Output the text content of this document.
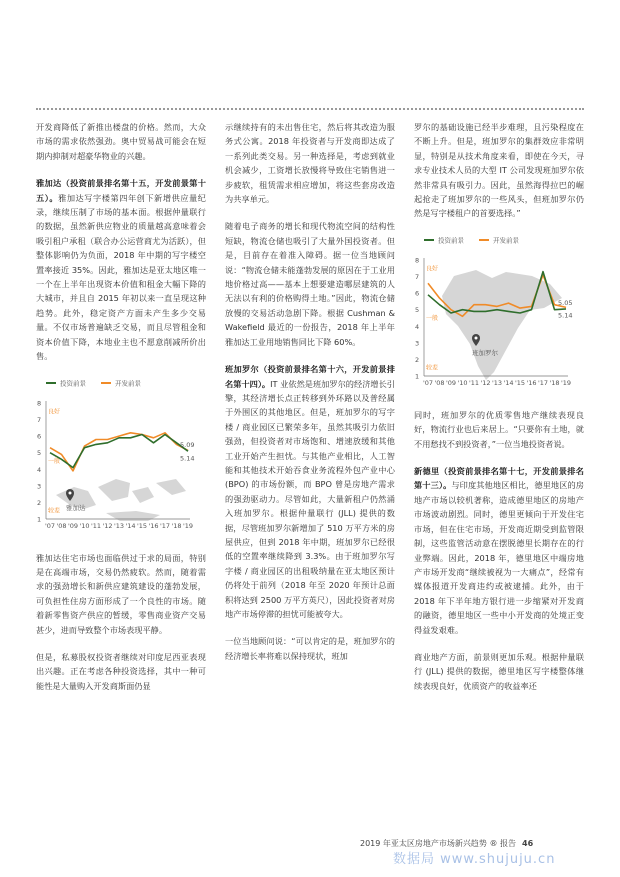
开发商降低了新推出楼盘的价格。然而，大众市场的需求依然强劲。奥中贸易战可能会在短期内抑制对超豪华物业的兴趣。

雅加达（投资前景排名第十五，开发前景第十五）。雅加达写字楼第四年创下新增供应量纪录，继续压制了市场的基本面。根据仲量联行的数据，虽然新供应物业的质量越高意味着会吸引租户承租（联合办公运营商尤为活跃），但整体影响仍为负面，2018 年中期的写字楼空置率接近 35%。因此，雅加达是亚太地区唯一一个在上半年出现资本价值和租金大幅下降的大城市，并且自 2015 年初以来一直呈现这种趋势。此外，稳定资产方面未产生多少交易量。不仅市场普遍缺乏交易，而且尽管租金和资本价值下降，本地业主也不愿意削减所价出售。

投资前景	开发前景
1
2
3
4
5
6
7
8
'07 '08 '09 '10 '11 '12 '13 '14 '15 '16 '17 '18 '19
良好
一般
较差
5.09
5.14
雅加达

雅加达住宅市场也面临供过于求的局面，特别是在高端市场，交易仍然疲软。然而，随着需求的强劲增长和新供应建筑建设的蓬勃发展，可负担性住房方面形成了一个良性的市场。随着新零售资产供应的暂缓，零售商业资产交易甚少，进而导致整个市场表现平静。

但是，私募股权投资者继续对印度尼西亚表现出兴趣。正在考虑各种投资选择，其中一种可能性是大量购入开发商斯面仍显

示继续持有的未出售住宅，然后将其改造为服务式公寓。2018 年投资者与开发商即达成了一系列此类交易。另一种选择是，考虑到就业机会减少，工资增长放慢将导致住宅销售进一步疲软，租赁需求相应增加，将这些套房改造为共享单元。

随着电子商务的增长和现代物流空间的结构性短缺，物流仓储也吸引了大量外国投资者。但是，目前存在着准入障碍。据一位当地顾问说：“物流仓储未能蓬勃发展的原因在于工业用地价格过高——基本上想要建造哪层建筑的人无法以有利的价格购得土地。”因此，物流仓储放慢的交易活动急剧下降。根据 Cushman & Wakefield 最近的一份报告，2018 年上半年雅加达工业用地销售同比下降 60%。

班加罗尔（投资前景排名第十六，开发前景排名第十四）。IT 业依然是班加罗尔的经济增长引擎，其经济增长点正转移到外环路以及普经属于外围区的其他地区。但是，班加罗尔的写字楼 / 商业园区已繁荣多年，虽然其吸引力依旧强劲，但投资者对市场饱和、增速放缓和其他工业开始产生担忧。与其他产业相比，人工智能和其他技术开始吞食业务流程外包产业中心 (BPO) 的市场份额，而 BPO 曾是房地产需求的强劲驱动力。尽管如此，大量新租户仍然涌入班加罗尔。根据仲量联行 (JLL) 提供的数据，尽管班加罗尔新增加了 510 万平方米的房屋供应，但到 2018 年中期，班加罗尔已经很低的空置率继续降到 3.3%。由于班加罗尔写字楼 / 商业园区的出租吸纳量在亚太地区预计仍将处于前列（2018 年至 2020 年预计总面积将达到 2500 万平方英尺），因此投资者对房地产市场停滞的担忧可能被夸大。

一位当地顾问说：“可以肯定的是，班加罗尔的经济增长率将难以保持现状，班加

罗尔的基础设施已经半步难理，且污染程度在不断上升。但是，班加罗尔的集群效应非常明显，特别是从技术角度来看，即使在今天，寻求专业技术人员的大型 IT 公司发现班加罗尔依然非常具有吸引力。因此，虽然海得拉巴的崛起抢走了班加罗尔的一些风头，但班加罗尔仍然是写字楼租户的首要选择。”

投资前景	开发前景
1
2
3
4
5
6
7
8
'07 '08 '09 '10 '11 '12 '13 '14 '15 '16 '17 '18 '19
良好
一般
较差
5.05
5.14
班加罗尔

同时，班加罗尔的优质零售地产继续表现良好，物流行业也后来居上。“只要你有土地，就不用愁找不到投资者，”一位当地投资者说。

新德里（投资前景排名第十七，开发前景排名第十三）。与印度其他地区相比，德里地区的房地产市场以较机著称，造成德里地区的房地产市场波动剧烈。同时，德里更倾向于开发住宅市场，但在住宅市场，开发商近期受到监管限制，这些监管活动意在摆脱德里长期存在的行业弊端。因此，2018 年，德里地区中端房地产市场开发商“继续被视为一大痛点”，经常有媒体报道开发商违约或被逮捕。此外，由于 2018 年下半年地方银行进一步缩紧对开发商的融资，德里地区一些中小开发商的处境正变得益发艰难。

商业地产方面，前景则更加乐观。根据仲量联行 (JLL) 提供的数据，德里地区写字楼整体继续表现良好，优质资产的收益率还

2019 年亚太区房地产市场新兴趋势 ® 报告 46
数据局 www.shujuju.cn
